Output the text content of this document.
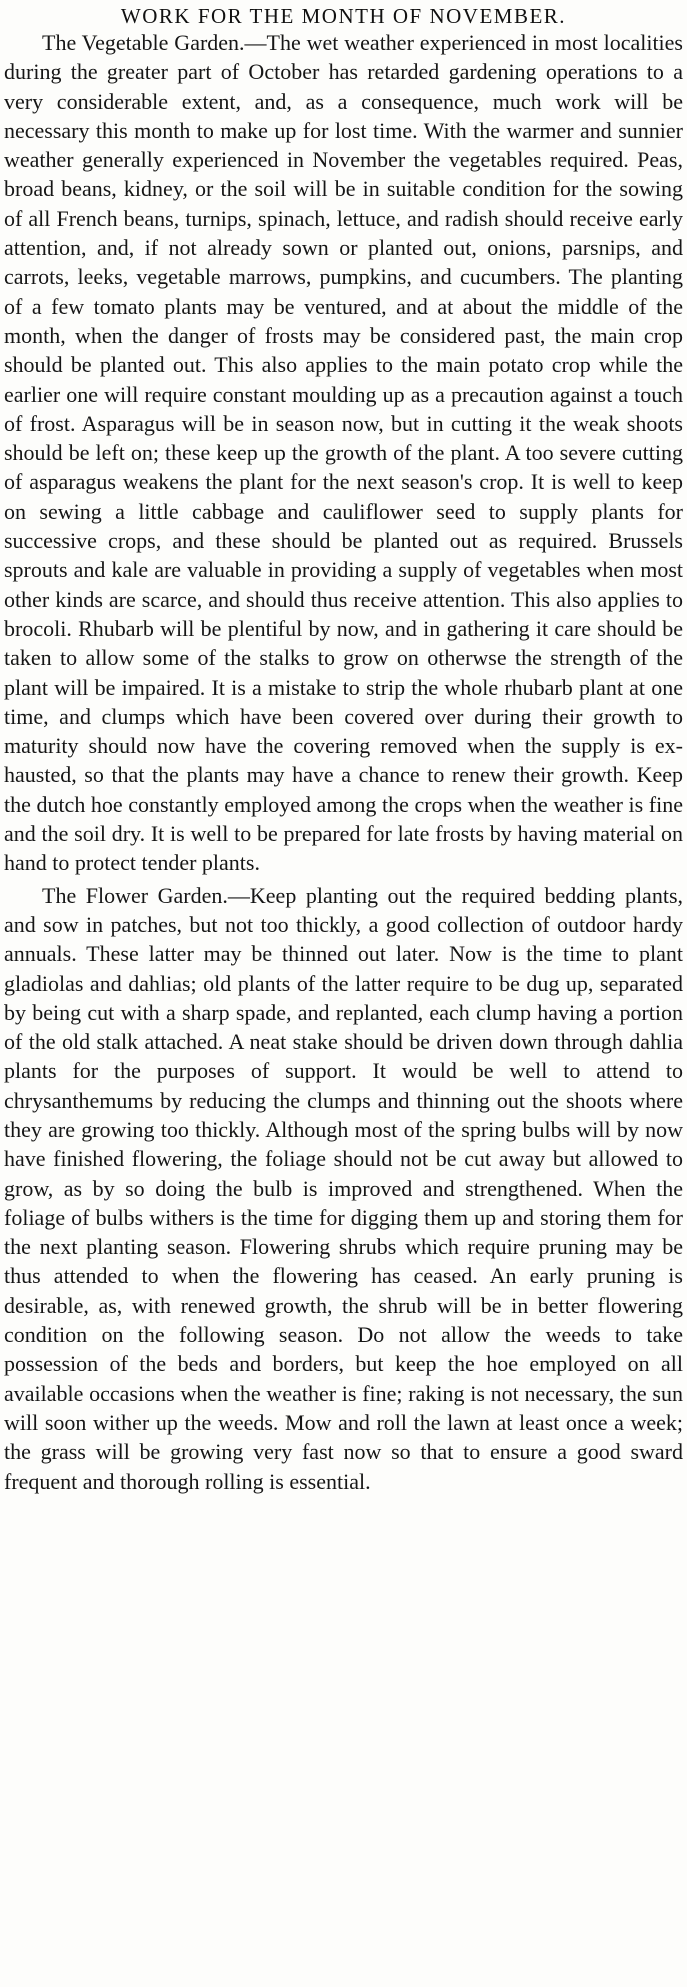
WORK FOR THE MONTH OF NOVEMBER.

The Vegetable Garden.—The wet weather experienced in most localities during the greater part of October has retarded gardening operations to a very considerable extent, and, as a consequence, much work will be necessary this month to make up for lost time. With the warmer and sunnier weather generally experienced in November the vegetables required. Peas, broad beans, kidney, or the soil will be in suitable condition for the sowing of all French beans, turnips, spinach, lettuce, and radish should receive early attention, and, if not already sown or planted out, onions, parsnips, and carrots, leeks, vegetable marrows, pumpkins, and cucumbers. The planting of a few tomato plants may be ventured, and at about the middle of the month, when the danger of frosts may be considered past, the main crop should be planted out. This also applies to the main potato crop while the earlier one will require constant moulding up as a precaution against a touch of frost. Asparagus will be in season now, but in cutting it the weak shoots should be left on; these keep up the growth of the plant. A too severe cutting of asparagus weakens the plant for the next season's crop. It is well to keep on sewing a little cabbage and cauliflower seed to supply plants for successive crops, and these should be planted out as required. Brussels sprouts and kale are valuable in providing a supply of vegetables when most other kinds are scarce, and should thus receive attention. This also applies to brocoli. Rhubarb will be plentiful by now, and in gathering it care should be taken to allow some of the stalks to grow on otherwse the strength of the plant will be impaired. It is a mistake to strip the whole rhubarb plant at one time, and clumps which have been covered over during their growth to maturity should now have the covering removed when the supply is exhausted, so that the plants may have a chance to renew their growth. Keep the dutch hoe constantly employed among the crops when the weather is fine and the soil dry. It is well to be prepared for late frosts by having material on hand to protect tender plants.

The Flower Garden.—Keep planting out the required bedding plants, and sow in patches, but not too thickly, a good collection of outdoor hardy annuals. These latter may be thinned out later. Now is the time to plant gladiolas and dahlias; old plants of the latter require to be dug up, separated by being cut with a sharp spade, and replanted, each clump having a portion of the old stalk attached. A neat stake should be driven down through dahlia plants for the purposes of support. It would be well to attend to chrysanthemums by reducing the clumps and thinning out the shoots where they are growing too thickly. Although most of the spring bulbs will by now have finished flowering, the foliage should not be cut away but allowed to grow, as by so doing the bulb is improved and strengthened. When the foliage of bulbs withers is the time for digging them up and storing them for the next planting season. Flowering shrubs which require pruning may be thus attended to when the flowering has ceased. An early pruning is desirable, as, with renewed growth, the shrub will be in better flowering condition on the following season. Do not allow the weeds to take possession of the beds and borders, but keep the hoe employed on all available occasions when the weather is fine; raking is not necessary, the sun will soon wither up the weeds. Mow and roll the lawn at least once a week; the grass will be growing very fast now so that to ensure a good sward frequent and thorough rolling is essential.
